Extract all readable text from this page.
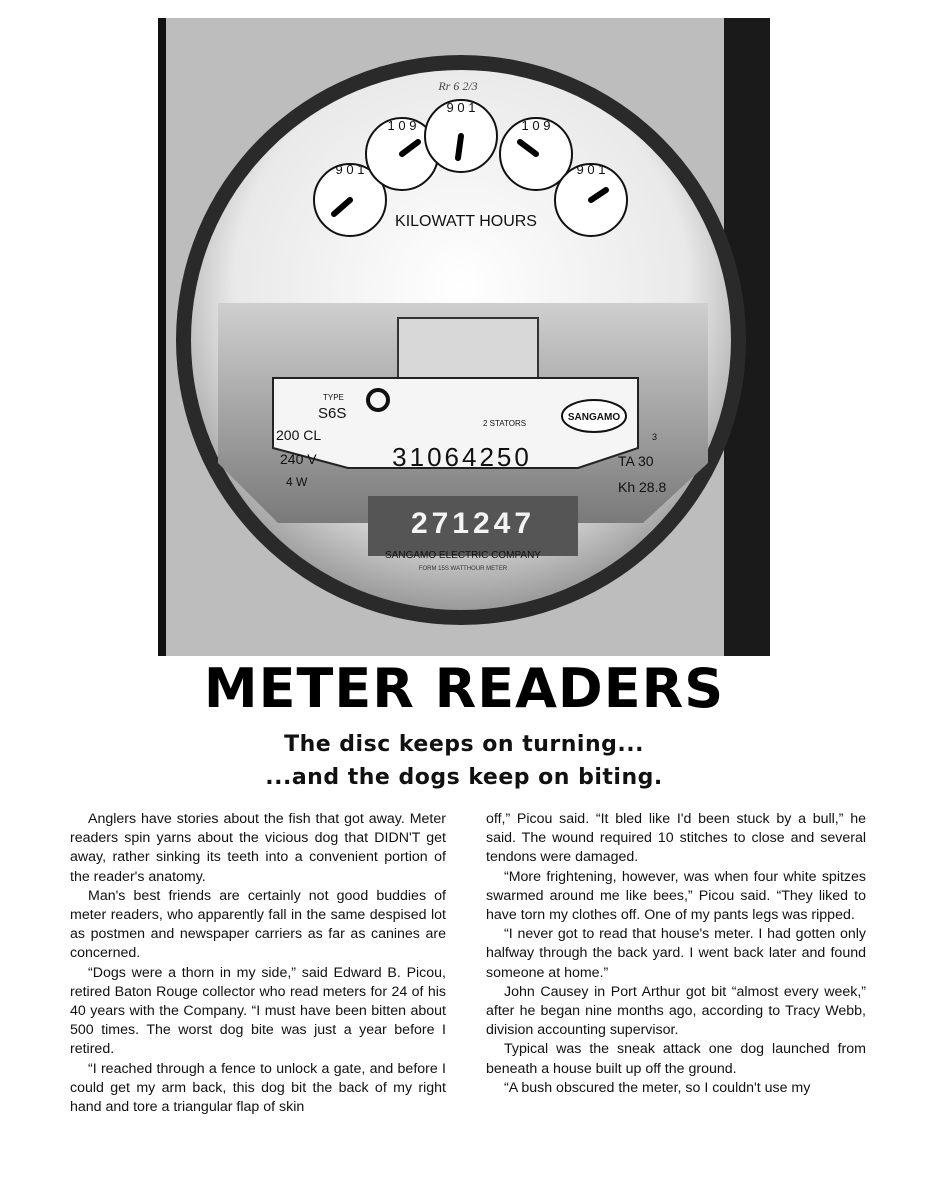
9 0 1
1 0 9
9 0 1
1 0 9
9 0 1
KILOWATT HOURS
Rr 6 2/3
TYPE
S6S
2 STATORS
SANGAMO
200 CL
240 V
4 W
31064250
3
TA 30
Kh 28.8
271247
SANGAMO ELECTRIC COMPANY
FORM 15S WATTHOUR METER
METER READERS

The disc keeps on turning...

...and the dogs keep on biting.

Anglers have stories about the fish that got away. Meter readers spin yarns about the vicious dog that DIDN'T get away, rather sinking its teeth into a convenient portion of the reader's anatomy.

Man's best friends are certainly not good buddies of meter readers, who apparently fall in the same despised lot as postmen and newspaper carriers as far as canines are concerned.

“Dogs were a thorn in my side,” said Edward B. Picou, retired Baton Rouge collector who read meters for 24 of his 40 years with the Company. “I must have been bitten about 500 times. The worst dog bite was just a year before I retired.

“I reached through a fence to unlock a gate, and before I could get my arm back, this dog bit the back of my right hand and tore a triangular flap of skin

off,” Picou said. “It bled like I'd been stuck by a bull,” he said. The wound required 10 stitches to close and several tendons were damaged.

“More frightening, however, was when four white spitzes swarmed around me like bees,” Picou said. “They liked to have torn my clothes off. One of my pants legs was ripped.

“I never got to read that house's meter. I had gotten only halfway through the back yard. I went back later and found someone at home.”

John Causey in Port Arthur got bit “almost every week,” after he began nine months ago, according to Tracy Webb, division accounting supervisor.

Typical was the sneak attack one dog launched from beneath a house built up off the ground.

“A bush obscured the meter, so I couldn't use my
